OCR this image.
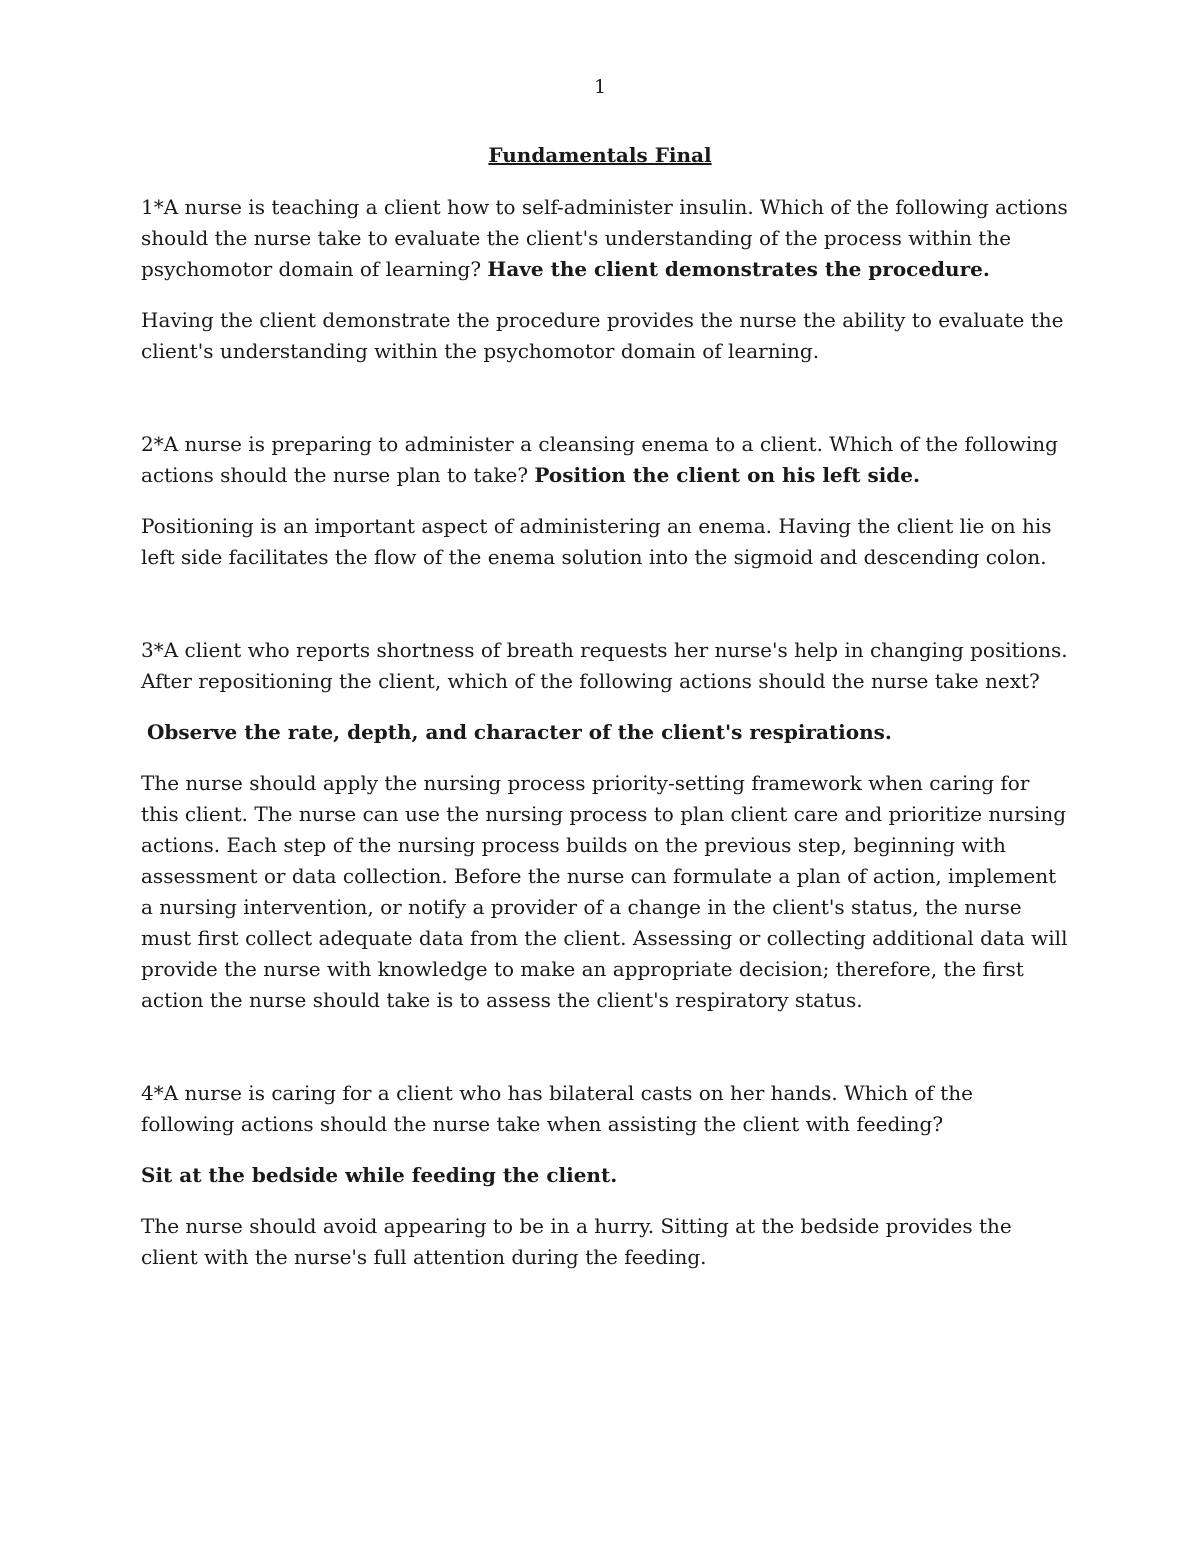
1
Fundamentals Final

1*A nurse is teaching a client how to self-administer insulin. Which of the following actions should the nurse take to evaluate the client's understanding of the process within the psychomotor domain of learning? Have the client demonstrates the procedure.

Having the client demonstrate the procedure provides the nurse the ability to evaluate the client's understanding within the psychomotor domain of learning.

2*A nurse is preparing to administer a cleansing enema to a client. Which of the following actions should the nurse plan to take? Position the client on his left side.

Positioning is an important aspect of administering an enema. Having the client lie on his left side facilitates the flow of the enema solution into the sigmoid and descending colon.

3*A client who reports shortness of breath requests her nurse's help in changing positions. After repositioning the client, which of the following actions should the nurse take next?

Observe the rate, depth, and character of the client's respirations.

The nurse should apply the nursing process priority-setting framework when caring for this client. The nurse can use the nursing process to plan client care and prioritize nursing actions. Each step of the nursing process builds on the previous step, beginning with assessment or data collection. Before the nurse can formulate a plan of action, implement a nursing intervention, or notify a provider of a change in the client's status, the nurse must first collect adequate data from the client. Assessing or collecting additional data will provide the nurse with knowledge to make an appropriate decision; therefore, the first action the nurse should take is to assess the client's respiratory status.

4*A nurse is caring for a client who has bilateral casts on her hands. Which of the following actions should the nurse take when assisting the client with feeding?

Sit at the bedside while feeding the client.

The nurse should avoid appearing to be in a hurry. Sitting at the bedside provides the client with the nurse's full attention during the feeding.
